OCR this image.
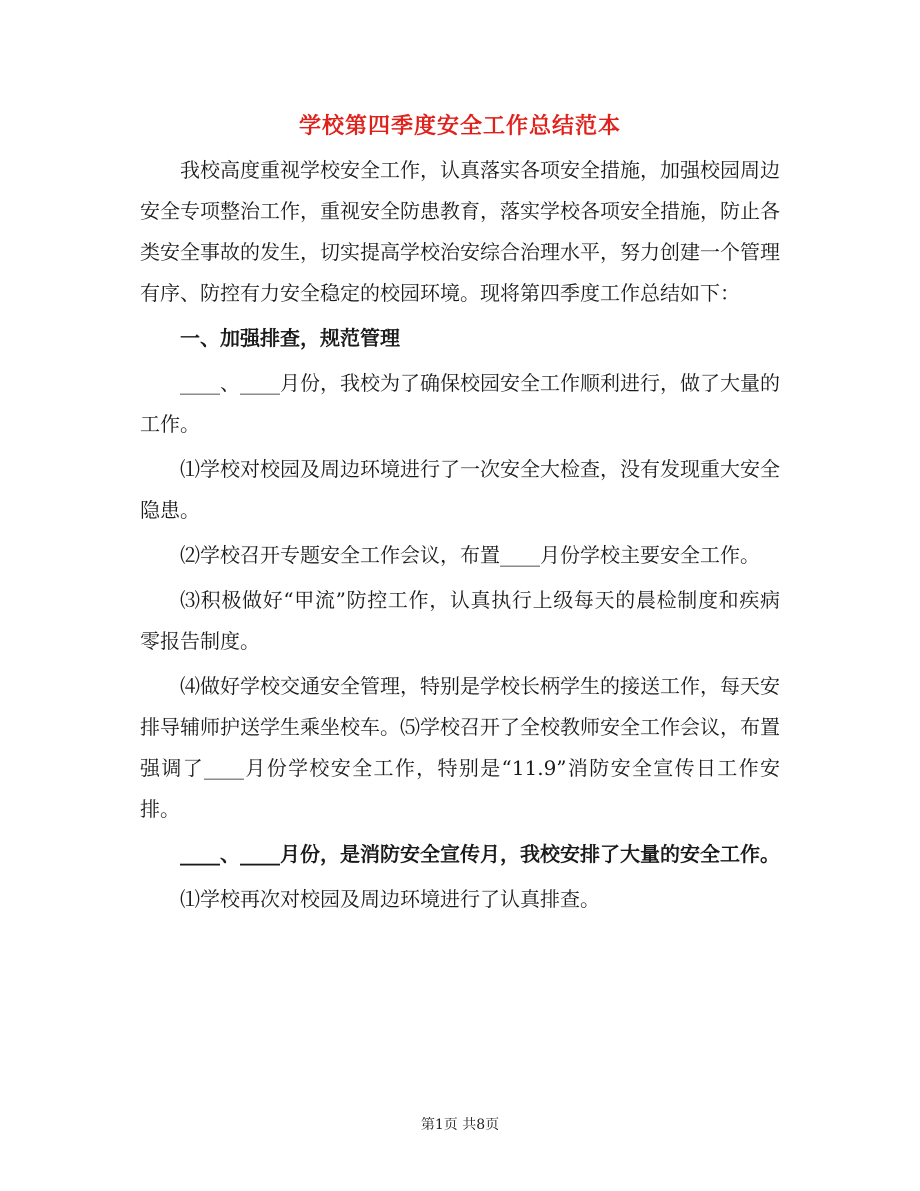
学校第四季度安全工作总结范本

我校高度重视学校安全工作，认真落实各项安全措施，加强校园周边安全专项整治工作，重视安全防患教育，落实学校各项安全措施，防止各类安全事故的发生，切实提高学校治安综合治理水平，努力创建一个管理有序、防控有力安全稳定的校园环境。现将第四季度工作总结如下：

一、加强排查，规范管理

____、____月份，我校为了确保校园安全工作顺利进行，做了大量的工作。

⑴学校对校园及周边环境进行了一次安全大检查，没有发现重大安全隐患。

⑵学校召开专题安全工作会议，布置____月份学校主要安全工作。

⑶积极做好“甲流”防控工作，认真执行上级每天的晨检制度和疾病零报告制度。

⑷做好学校交通安全管理，特别是学校长柄学生的接送工作，每天安排导辅师护送学生乘坐校车。⑸学校召开了全校教师安全工作会议，布置强调了____月份学校安全工作，特别是“11.9”消防安全宣传日工作安排。

____、____月份，是消防安全宣传月，我校安排了大量的安全工作。

⑴学校再次对校园及周边环境进行了认真排查。

第1页 共8页
